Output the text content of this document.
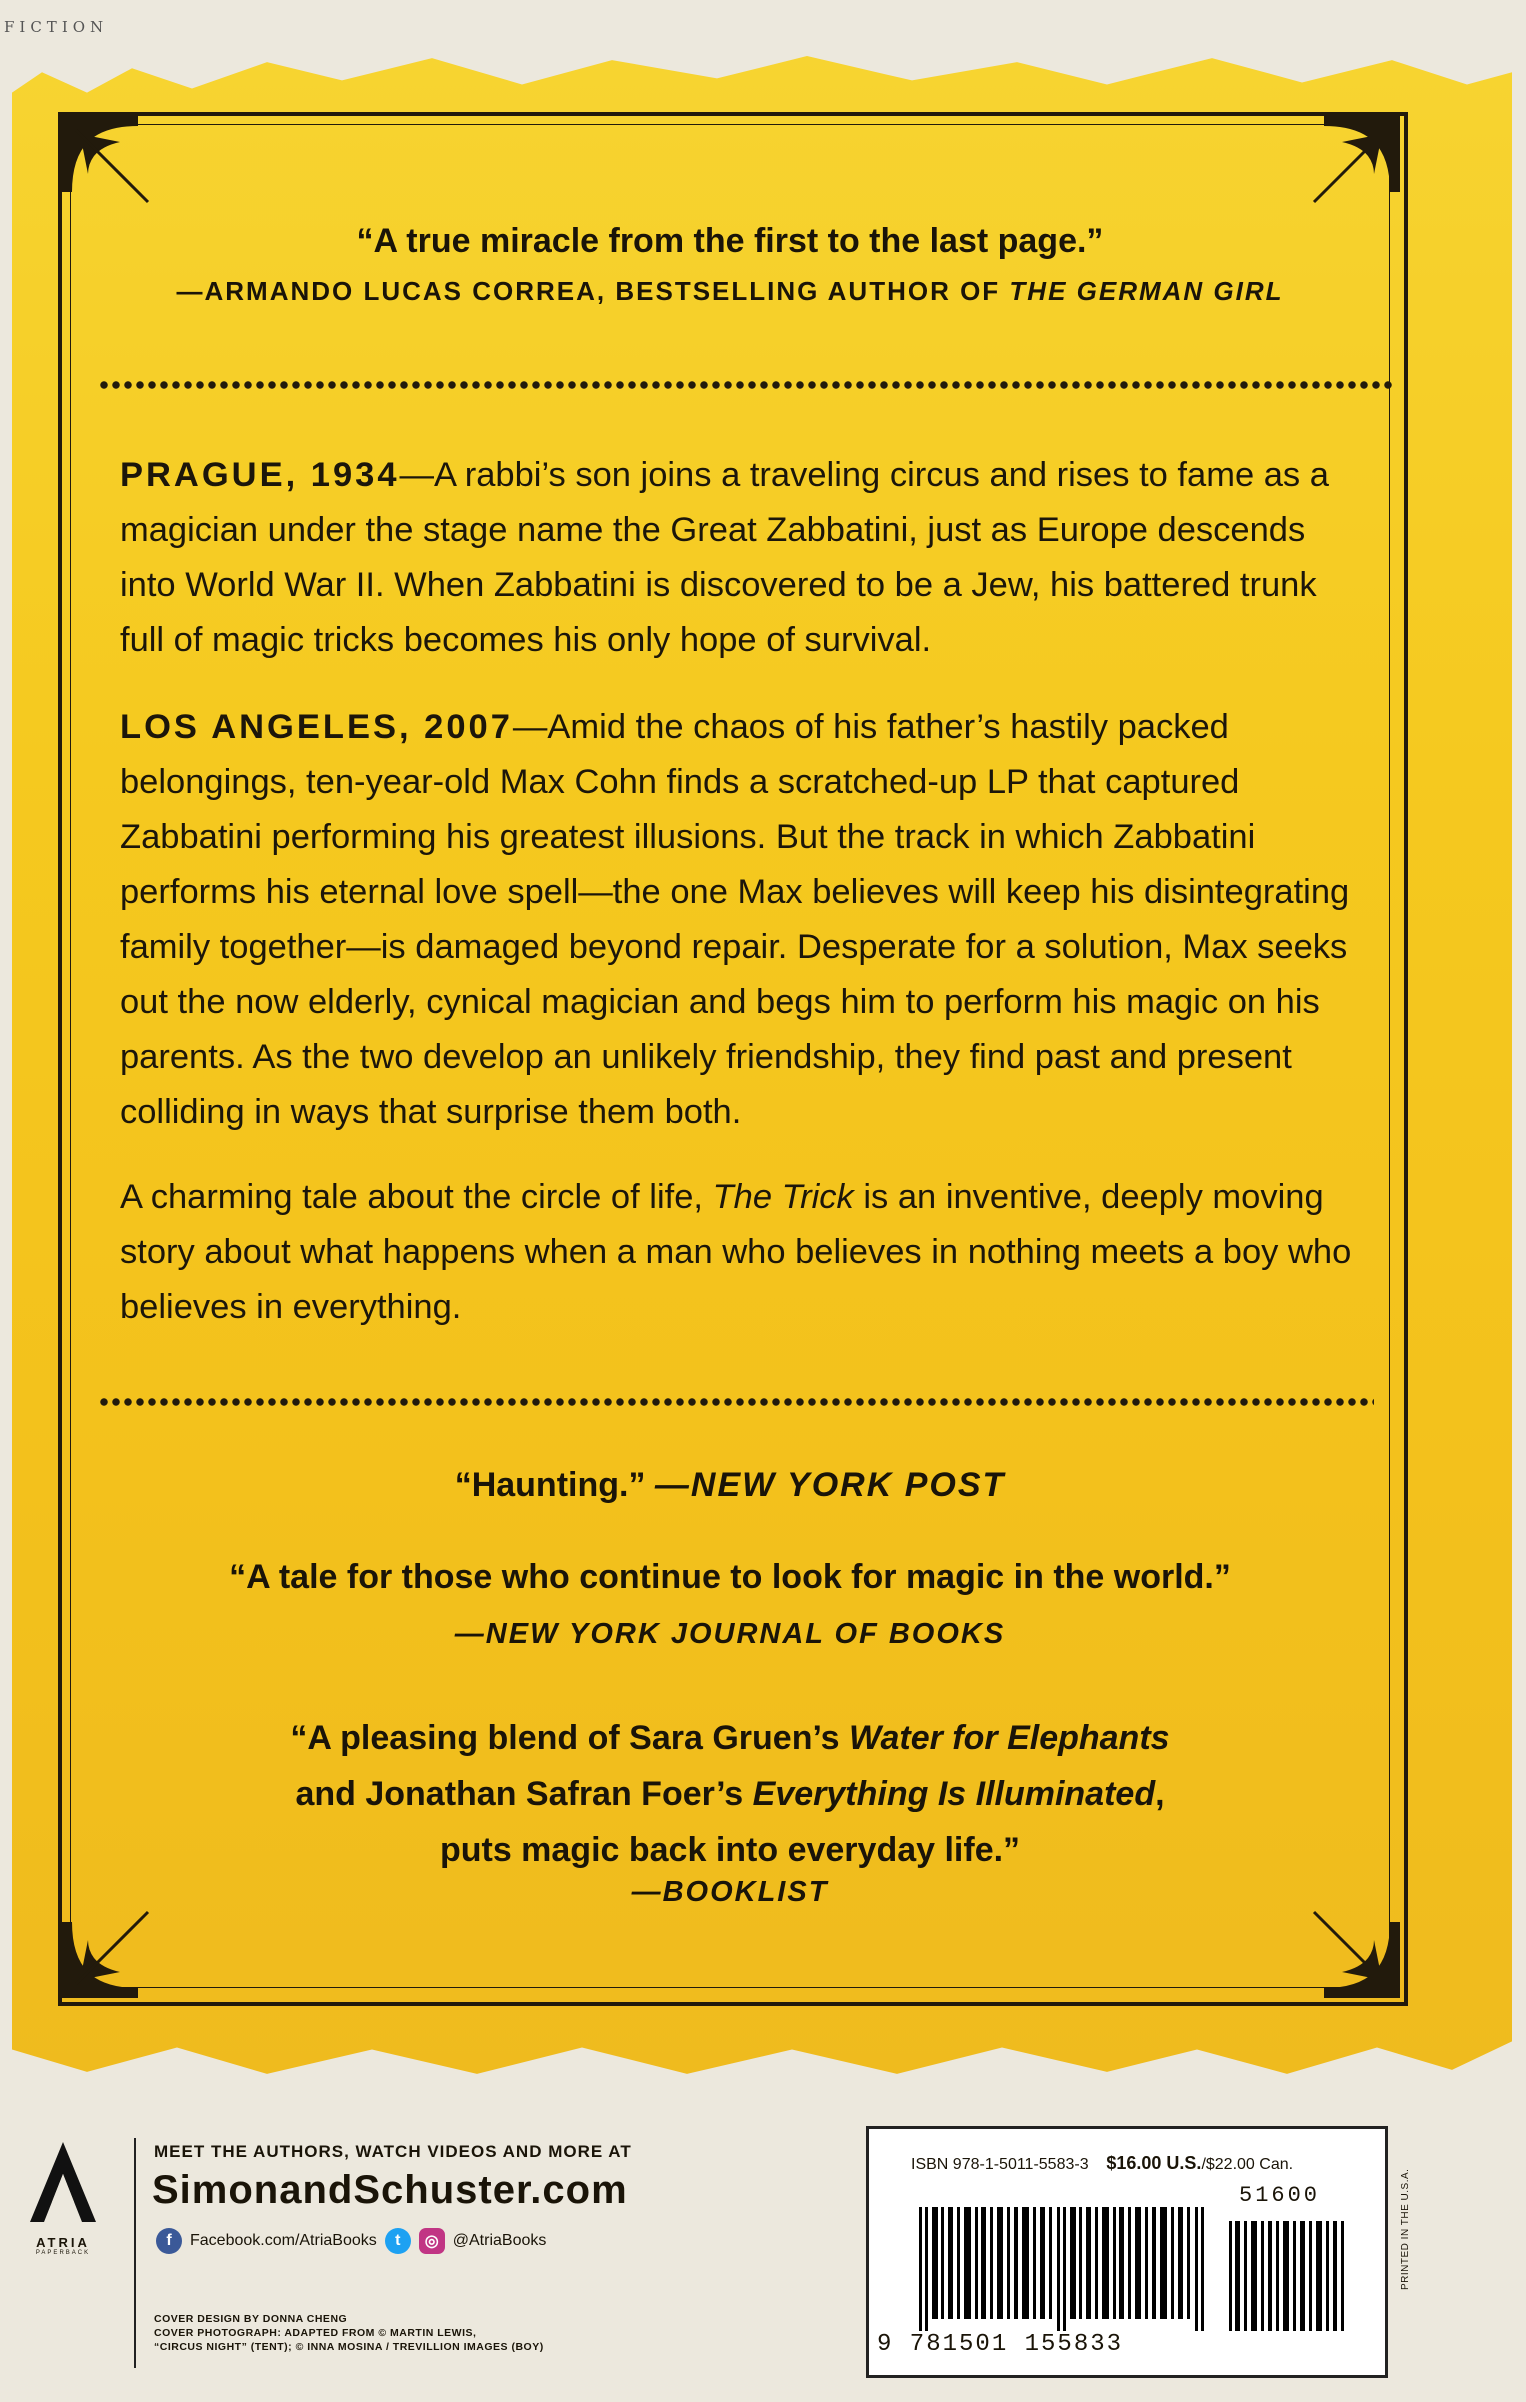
FICTION
“A true miracle from the first to the last page.”
—ARMANDO LUCAS CORREA, BESTSELLING AUTHOR OF THE GERMAN GIRL
PRAGUE, 1934—A rabbi’s son joins a traveling circus and rises to fame as a magician under the stage name the Great Zabbatini, just as Europe descends into World War II. When Zabbatini is discovered to be a Jew, his battered trunk full of magic tricks becomes his only hope of survival.
LOS ANGELES, 2007—Amid the chaos of his father’s hastily packed belongings, ten-year-old Max Cohn finds a scratched-up LP that captured Zabbatini performing his greatest illusions. But the track in which Zabbatini performs his eternal love spell—the one Max believes will keep his disintegrating family together—is damaged beyond repair. Desperate for a solution, Max seeks out the now elderly, cynical magician and begs him to perform his magic on his parents. As the two develop an unlikely friendship, they find past and present colliding in ways that surprise them both.
A charming tale about the circle of life, The Trick is an inventive, deeply moving story about what happens when a man who believes in nothing meets a boy who believes in everything.
“Haunting.” —NEW YORK POST
“A tale for those who continue to look for magic in the world.”
—NEW YORK JOURNAL OF BOOKS
“A pleasing blend of Sara Gruen’s Water for Elephants
and Jonathan Safran Foer’s Everything Is Illuminated,
puts magic back into everyday life.”
—BOOKLIST
ATRIA
PAPERBACK
MEET THE AUTHORS, WATCH VIDEOS AND MORE AT
SimonandSchuster.com
f	Facebook.com/AtriaBooks	t	◎ @AtriaBooks
COVER DESIGN BY DONNA CHENG
COVER PHOTOGRAPH: ADAPTED FROM © MARTIN LEWIS,
“CIRCUS NIGHT” (TENT); © INNA MOSINA / TREVILLION IMAGES (BOY)
ISBN 978-1-5011-5583-3 $16.00 U.S./$22.00 Can.
51600
9 781501 155833
PRINTED IN THE U.S.A.
